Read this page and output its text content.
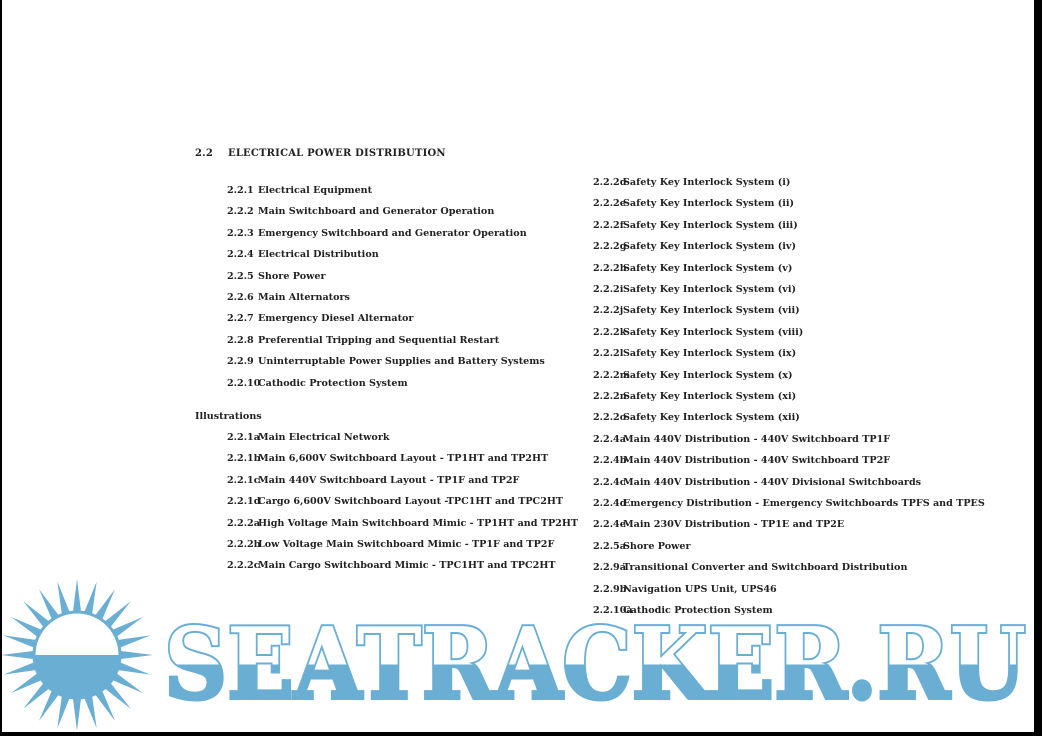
2.2 ELECTRICAL POWER DISTRIBUTION
2.2.1 Electrical Equipment
2.2.2 Main Switchboard and Generator Operation
2.2.3 Emergency Switchboard and Generator Operation
2.2.4 Electrical Distribution
2.2.5 Shore Power
2.2.6 Main Alternators
2.2.7 Emergency Diesel Alternator
2.2.8 Preferential Tripping and Sequential Restart
2.2.9 Uninterruptable Power Supplies and Battery Systems
2.2.10Cathodic Protection System
Illustrations
2.2.1aMain Electrical Network
2.2.1bMain 6,600V Switchboard Layout - TP1HT and TP2HT
2.2.1cMain 440V Switchboard Layout - TP1F and TP2F
2.2.1dCargo 6,600V Switchboard Layout -TPC1HT and TPC2HT
2.2.2aHigh Voltage Main Switchboard Mimic - TP1HT and TP2HT
2.2.2bLow Voltage Main Switchboard Mimic - TP1F and TP2F
2.2.2cMain Cargo Switchboard Mimic - TPC1HT and TPC2HT
2.2.2dSafety Key Interlock System (i)
2.2.2eSafety Key Interlock System (ii)
2.2.2fSafety Key Interlock System (iii)
2.2.2gSafety Key Interlock System (iv)
2.2.2hSafety Key Interlock System (v)
2.2.2iSafety Key Interlock System (vi)
2.2.2jSafety Key Interlock System (vii)
2.2.2kSafety Key Interlock System (viii)
2.2.2lSafety Key Interlock System (ix)
2.2.2mSafety Key Interlock System (x)
2.2.2nSafety Key Interlock System (xi)
2.2.2oSafety Key Interlock System (xii)
2.2.4aMain 440V Distribution - 440V Switchboard TP1F
2.2.4bMain 440V Distribution - 440V Switchboard TP2F
2.2.4cMain 440V Distribution - 440V Divisional Switchboards
2.2.4dEmergency Distribution - Emergency Switchboards TPFS and TPES
2.2.4eMain 230V Distribution - TP1E and TP2E
2.2.5aShore Power
2.2.9aTransitional Converter and Switchboard Distribution
2.2.9bNavigation UPS Unit, UPS46
2.2.10aCathodic Protection System
SEATRACKER.RU
